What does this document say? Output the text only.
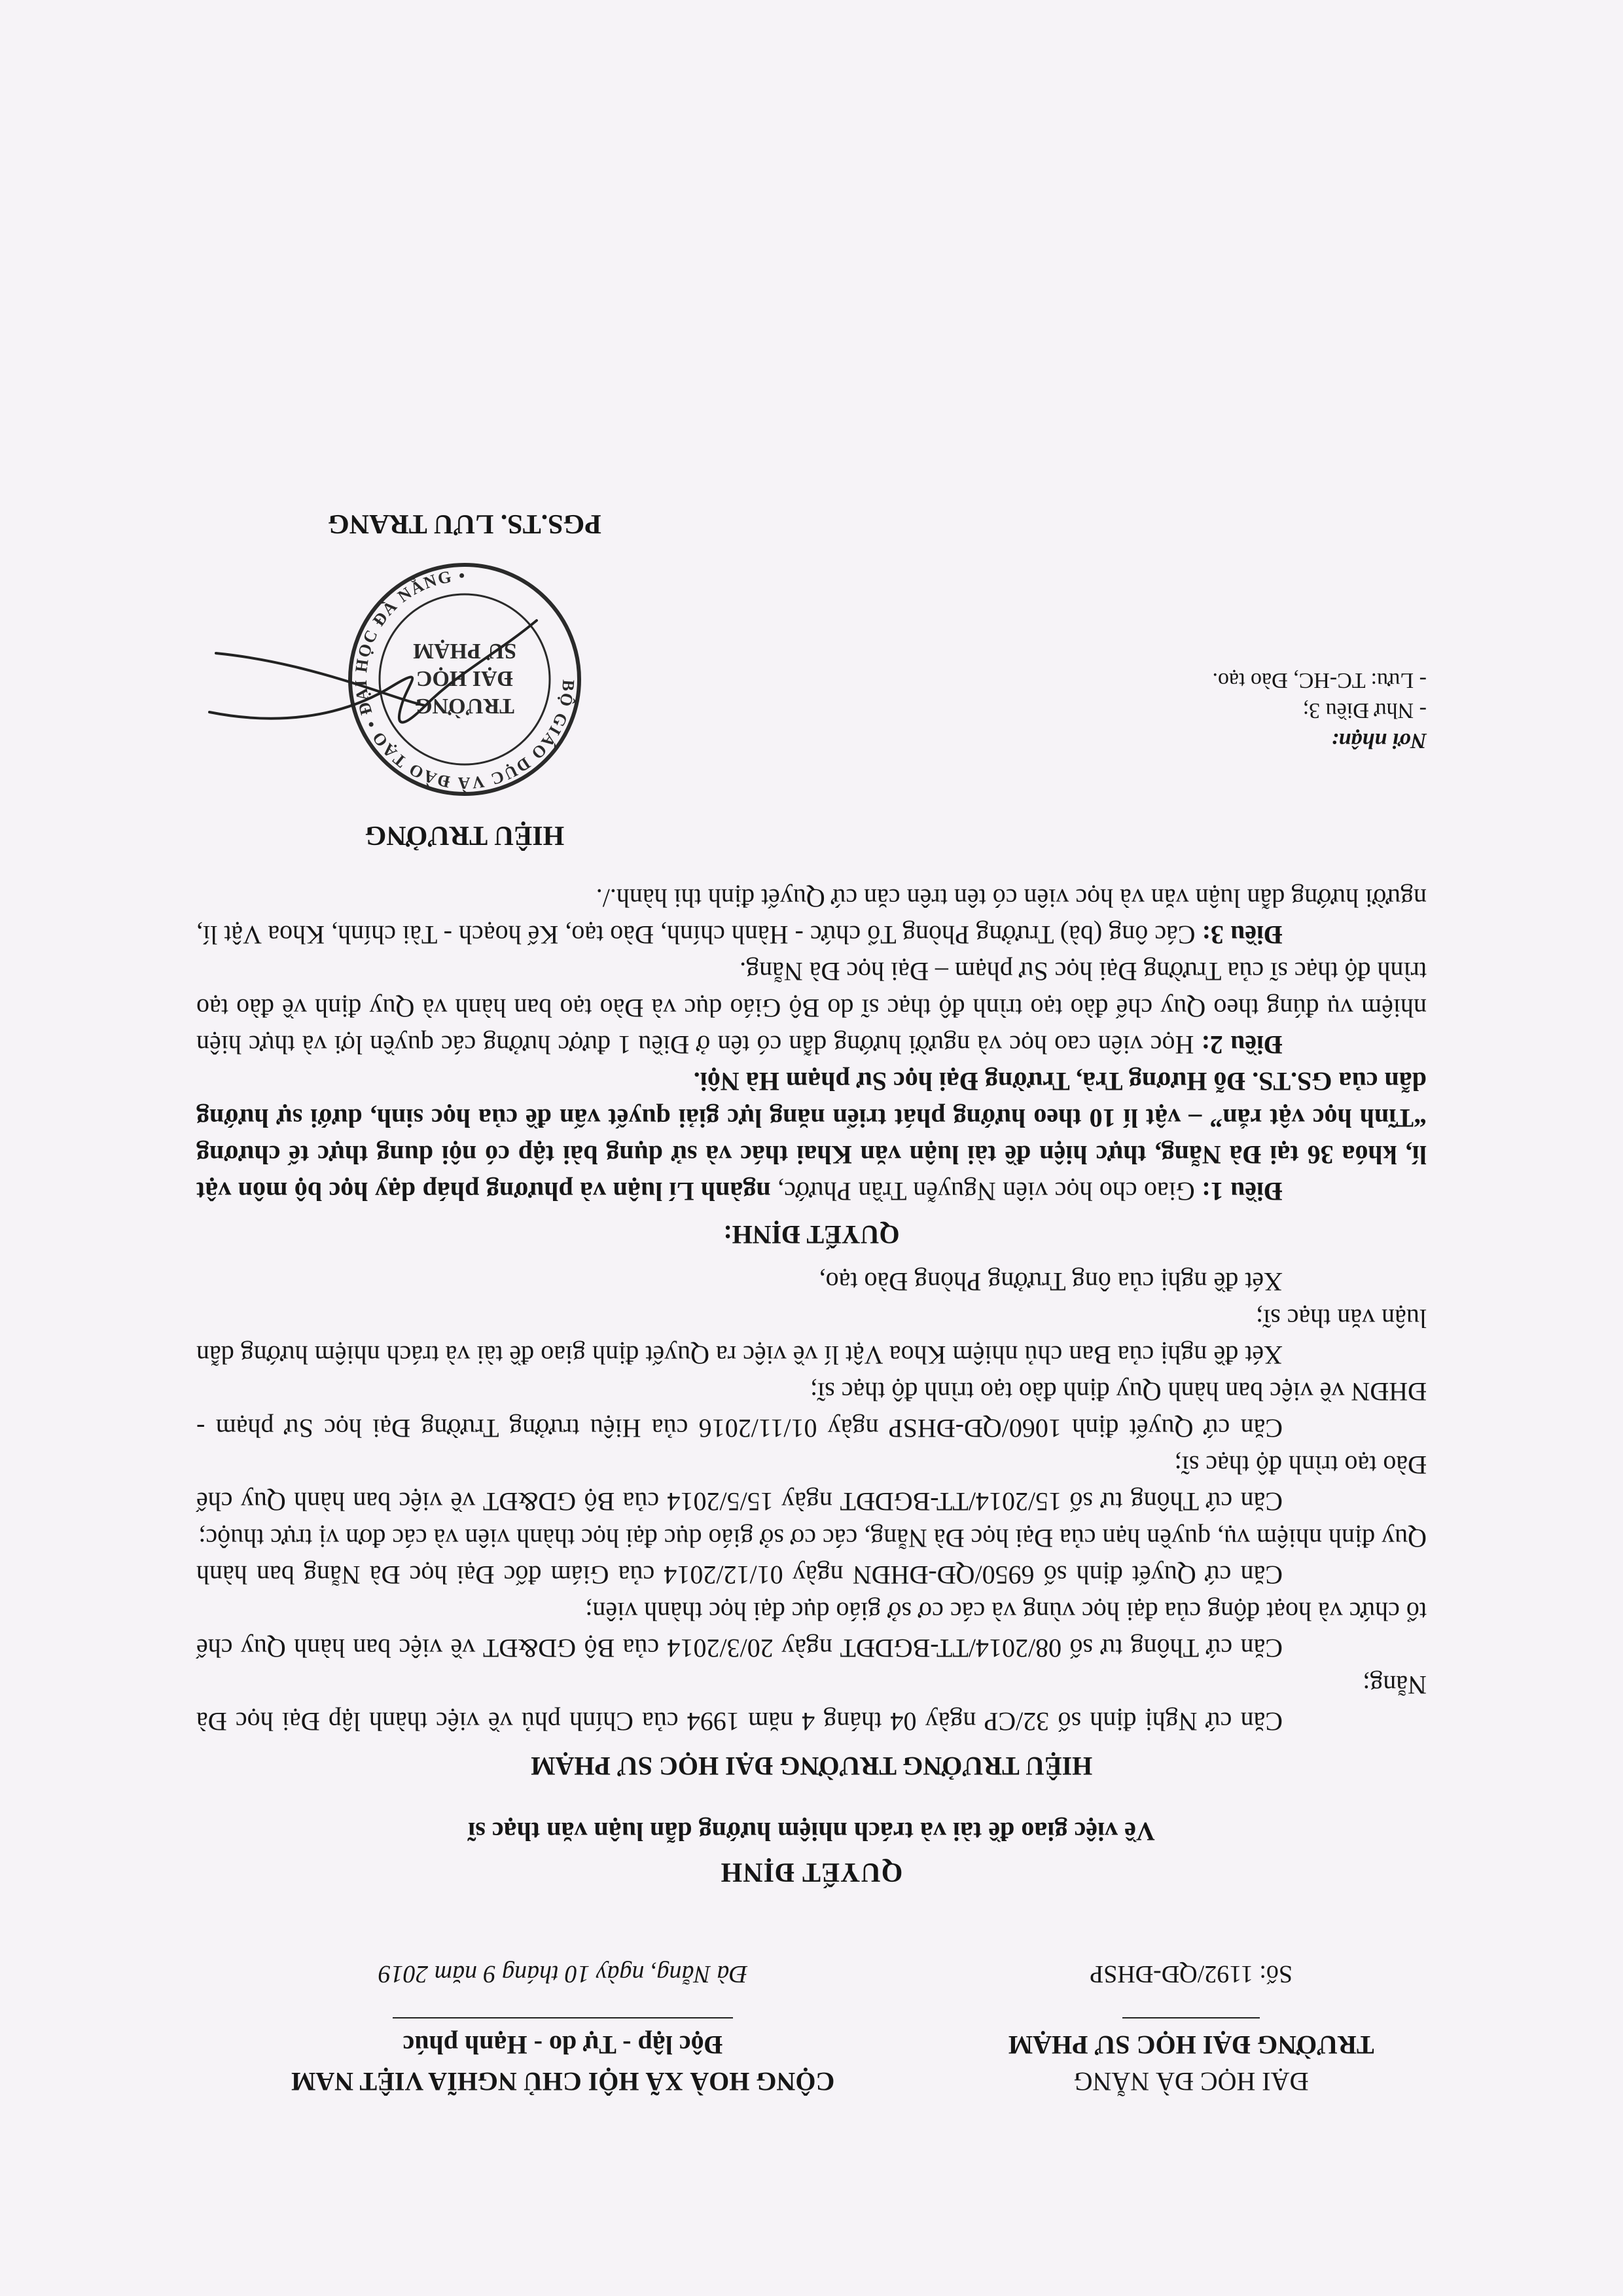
ĐẠI HỌC ĐÀ NẴNG
TRƯỜNG ĐẠI HỌC SƯ PHẠM
Số: 1192/QĐ-ĐHSP
CỘNG HOÀ XÃ HỘI CHỦ NGHĨA VIỆT NAM
Độc lập - Tự do - Hạnh phúc
Đà Nẵng, ngày 10 tháng 9 năm 2019
QUYẾT ĐỊNH
Về việc giao đề tài và trách nhiệm hướng dẫn luận văn thạc sĩ
HIỆU TRƯỞNG TRƯỜNG ĐẠI HỌC SƯ PHẠM

Căn cứ Nghị định số 32/CP ngày 04 tháng 4 năm 1994 của Chính phủ về việc thành lập Đại học Đà Nẵng;

Căn cứ Thông tư số 08/2014/TT-BGDĐT ngày 20/3/2014 của Bộ GD&ĐT về việc ban hành Quy chế tổ chức và hoạt động của đại học vùng và các cơ sở giáo dục đại học thành viên;

Căn cứ Quyết định số 6950/QĐ-ĐHĐN ngày 01/12/2014 của Giám đốc Đại học Đà Nẵng ban hành Quy định nhiệm vụ, quyền hạn của Đại học Đà Nẵng, các cơ sở giáo dục đại học thành viên và các đơn vị trực thuộc;

Căn cứ Thông tư số 15/2014/TT-BGDĐT ngày 15/5/2014 của Bộ GD&ĐT về việc ban hành Quy chế Đào tạo trình độ thạc sĩ;

Căn cứ Quyết định 1060/QĐ-ĐHSP ngày 01/11/2016 của Hiệu trưởng Trường Đại học Sư phạm - ĐHĐN về việc ban hành Quy định đào tạo trình độ thạc sĩ;

Xét đề nghị của Ban chủ nhiệm Khoa Vật lí về việc ra Quyết định giao đề tài và trách nhiệm hướng dẫn luận văn thạc sĩ;

Xét đề nghị của ông Trưởng Phòng Đào tạo,

QUYẾT ĐỊNH:

Điều 1: Giao cho học viên Nguyễn Trần Phước, ngành Lí luận và phương pháp dạy học bộ môn vật lí, khóa 36 tại Đà Nẵng, thực hiện đề tài luận văn Khai thác và sử dụng bài tập có nội dung thực tế chương “Tĩnh học vật rắn” – vật lí 10 theo hướng phát triển năng lực giải quyết vấn đề của học sinh, dưới sự hướng dẫn của GS.TS. Đỗ Hương Trà, Trường Đại học Sư phạm Hà Nội.

Điều 2: Học viên cao học và người hướng dẫn có tên ở Điều 1 được hưởng các quyền lợi và thực hiện nhiệm vụ đúng theo Quy chế đào tạo trình độ thạc sĩ do Bộ Giáo dục và Đào tạo ban hành và Quy định về đào tạo trình độ thạc sĩ của Trường Đại học Sư phạm – Đại học Đà Nẵng.

Điều 3: Các ông (bà) Trưởng Phòng Tổ chức - Hành chính, Đào tạo, Kế hoạch - Tài chính, Khoa Vật lí, người hướng dẫn luận văn và học viên có tên trên căn cứ Quyết định thi hành./.

Nơi nhận:
- Như Điều 3;
- Lưu: TC-HC, Đào tạo.
HIỆU TRƯỞNG
BỘ GIÁO DỤC VÀ ĐÀO TẠO • ĐẠI HỌC ĐÀ NẴNG •
TRƯỜNG
ĐẠI HỌC
SƯ PHẠM
PGS.TS. LƯU TRANG
